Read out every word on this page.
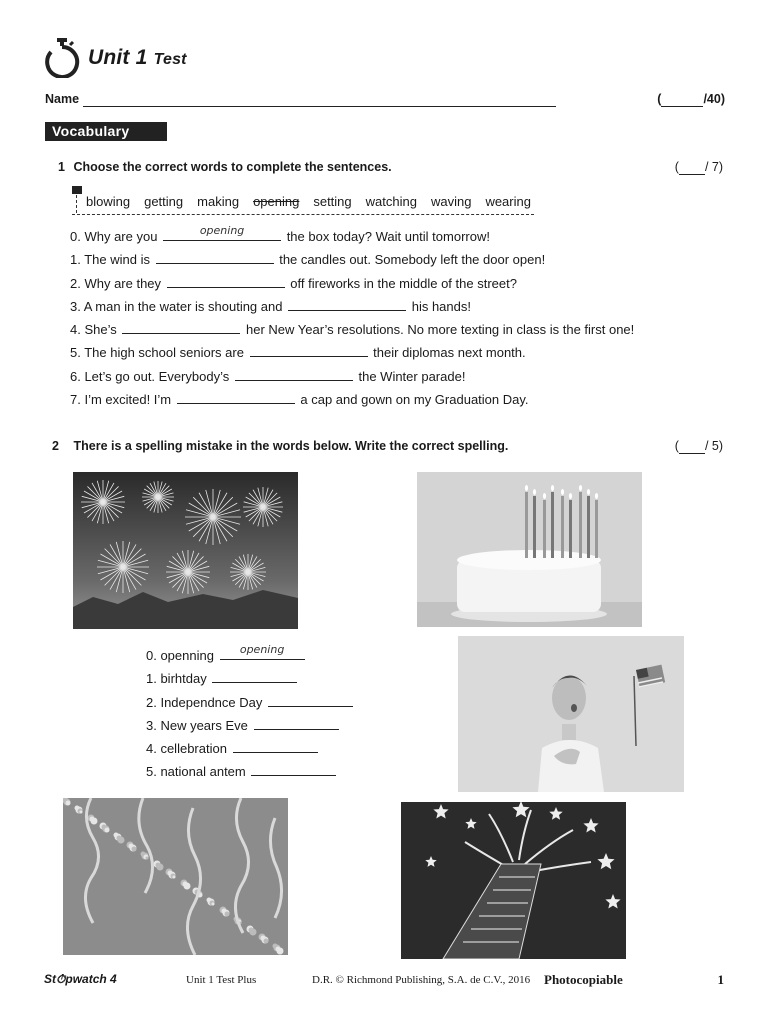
Unit 1 Test
Name	(	/40)
Vocabulary
1 Choose the correct words to complete the sentences.	( / 7)
blowing getting making opening setting watching waving wearing
0. Why are you	opening	the box today? Wait until tomorrow!
1. The wind is	the candles out. Somebody left the door open!
2. Why are they	off fireworks in the middle of the street?
3. A man in the water is shouting and	his hands!
4. She’s	her New Year’s resolutions. No more texting in class is the first one!
5. The high school seniors are	their diplomas next month.
6. Let’s go out. Everybody’s	the Winter parade!
7. I’m excited! I’m	a cap and gown on my Graduation Day.
2 There is a spelling mistake in the words below. Write the correct spelling.	( / 5)
0. openning	opening
1. birhtday
2. Independnce Day
3. New years Eve
4. cellebration
5. national antem
St⏱pwatch 4	Unit 1 Test Plus	D.R. © Richmond Publishing, S.A. de C.V., 2016 Photocopiable	1
